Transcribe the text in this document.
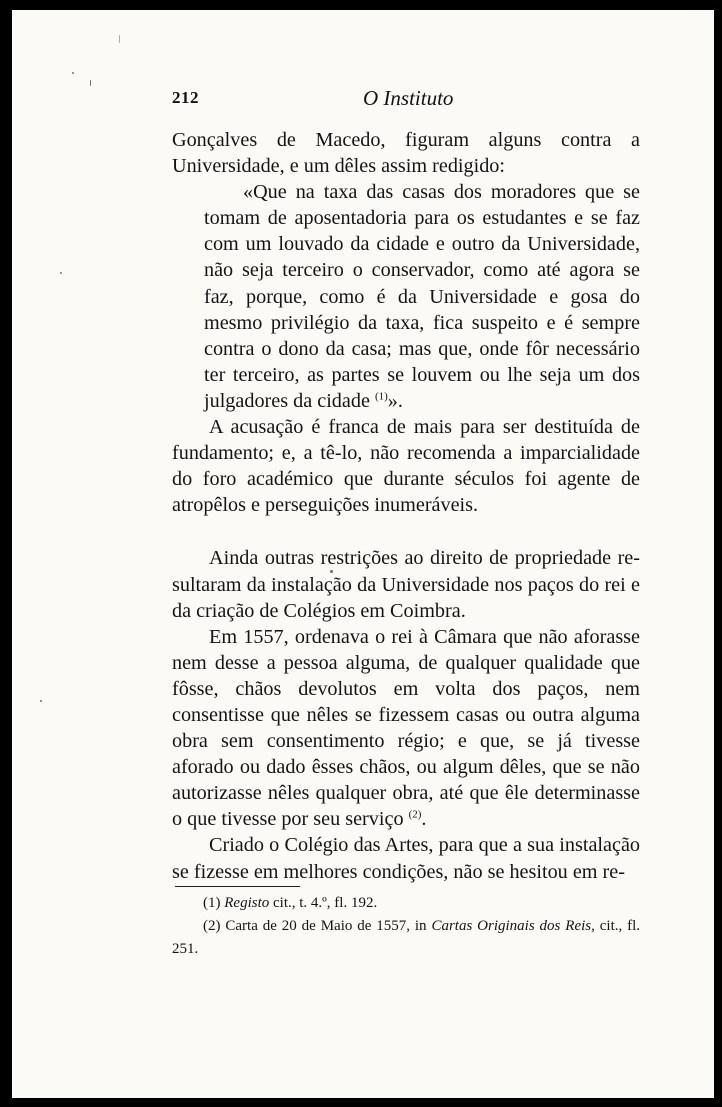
212	O Instituto

Gonçalves de Macedo, figuram alguns contra a Universidade, e um dêles assim redigido:

«Que na taxa das casas dos moradores que se tomam de aposentadoria para os estudantes e se faz com um louvado da cidade e outro da Universidade, não seja terceiro o conservador, como até agora se faz, porque, como é da Universidade e gosa do mesmo privilégio da taxa, fica suspeito e é sempre contra o dono da casa; mas que, onde fôr necessário ter terceiro, as partes se louvem ou lhe seja um dos julgadores da cidade $^{(1)}$».

A acusação é franca de mais para ser destituída de fundamento; e, a tê-lo, não recomenda a imparcialidade do foro académico que durante séculos foi agente de atropêlos e perseguições inumeráveis.

Ainda outras restrições ao direito de propriedade resultaram da instalação da Universidade nos paços do rei e da criação de Colégios em Coimbra.

Em 1557, ordenava o rei à Câmara que não aforasse nem desse a pessoa alguma, de qualquer qualidade que fôsse, chãos devolutos em volta dos paços, nem consentisse que nêles se fizessem casas ou outra alguma obra sem consentimento régio; e que, se já tivesse aforado ou dado êsses chãos, ou algum dêles, que se não autorizasse nêles qualquer obra, até que êle determinasse o que tivesse por seu serviço $^{(2)}$.

Criado o Colégio das Artes, para que a sua instalação se fizesse em melhores condições, não se hesitou em re-

(1) Registo cit., t. 4.º, fl. 192.

(2) Carta de 20 de Maio de 1557, in Cartas Originais dos Reis, cit., fl. 251.
